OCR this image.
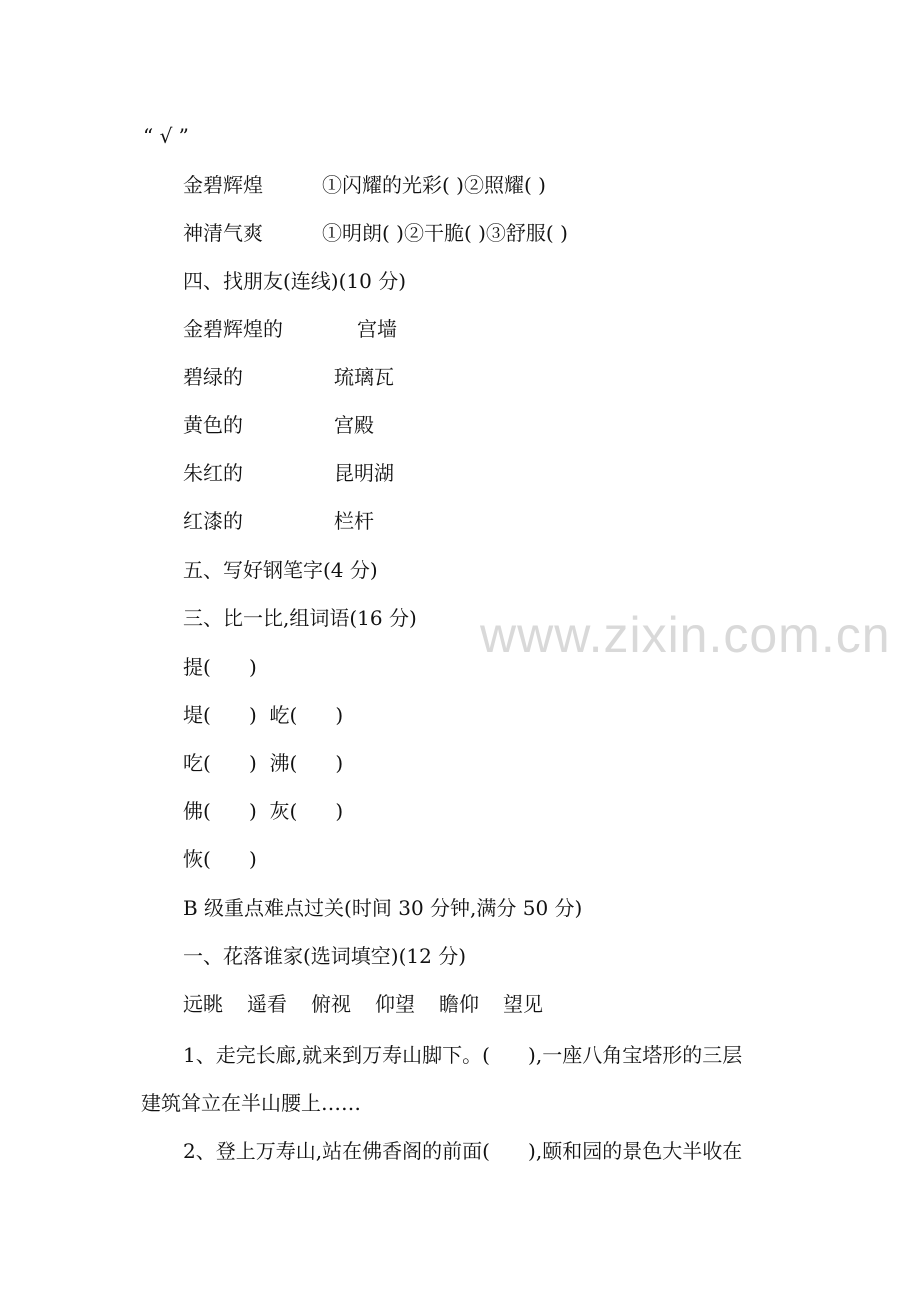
“ √ ”
金碧辉煌	①闪耀的光彩( )②照耀( )
神清气爽	①明朗( )②干脆( )③舒服( )
四、找朋友(连线)(10 分)
金碧辉煌的	宫墙
碧绿的	琉璃瓦
黄色的	宫殿
朱红的	昆明湖
红漆的	栏杆
五、写好钢笔字(4 分)
www.zixin.com.cn
三、比一比,组词语(16 分)
提(      )
堤(      )  屹(      )
吃(      )  沸(      )
佛(      )  灰(      )
恢(      )
B 级重点难点过关(时间 30 分钟,满分 50 分)
一、花落谁家(选词填空)(12 分)
远眺 遥看 俯视 仰望 瞻仰 望见
1、走完长廊,就来到万寿山脚下。(      ),一座八角宝塔形的三层
建筑耸立在半山腰上……
2、登上万寿山,站在佛香阁的前面(      ),颐和园的景色大半收在
